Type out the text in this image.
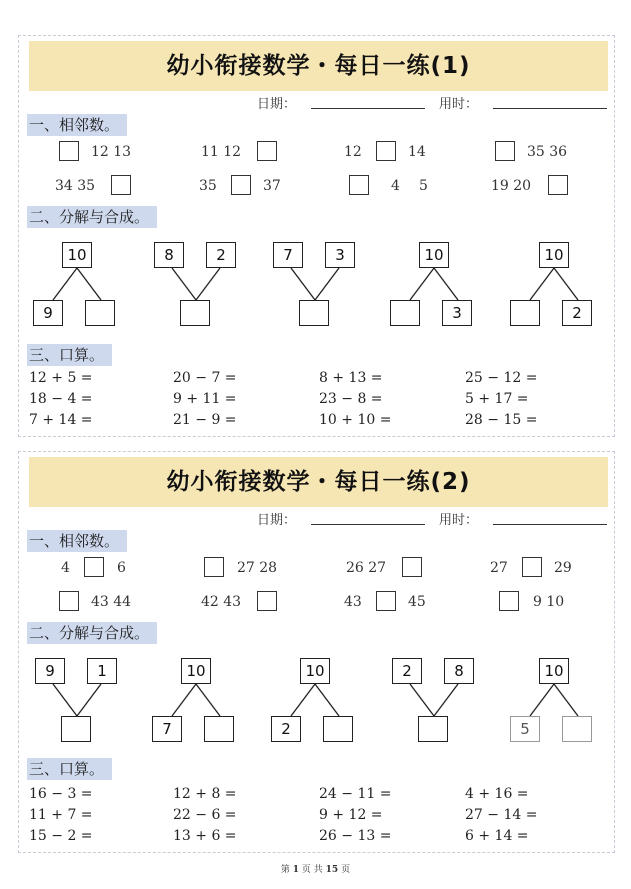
幼小衔接数学・每日一练(1)
日期：	用时：
一、相邻数。
12 13	11 12	12	14	35 36
34 35	35	37	4 5	19 20
二、分解与合成。
10
9
8	2	7	3	10
3
10
2
三、口算。
12 + 5 =	20 − 7 =	8 + 13 =	25 − 12 =
18 − 4 =	9 + 11 =	23 − 8 =	5 + 17 =
7 + 14 =	21 − 9 =	10 + 10 =	28 − 15 =
幼小衔接数学・每日一练(2)
日期：	用时：
一、相邻数。
4	6	27 28	26 27	27	29
43 44	42 43	43	45	9 10
二、分解与合成。
9	1	10
7
10
2
2	8	10
5
三、口算。
16 − 3 =	12 + 8 =	24 − 11 =	4 + 16 =
11 + 7 =	22 − 6 =	9 + 12 =	27 − 14 =
15 − 2 =	13 + 6 =	26 − 13 =	6 + 14 =
第 1 页 共 15 页
